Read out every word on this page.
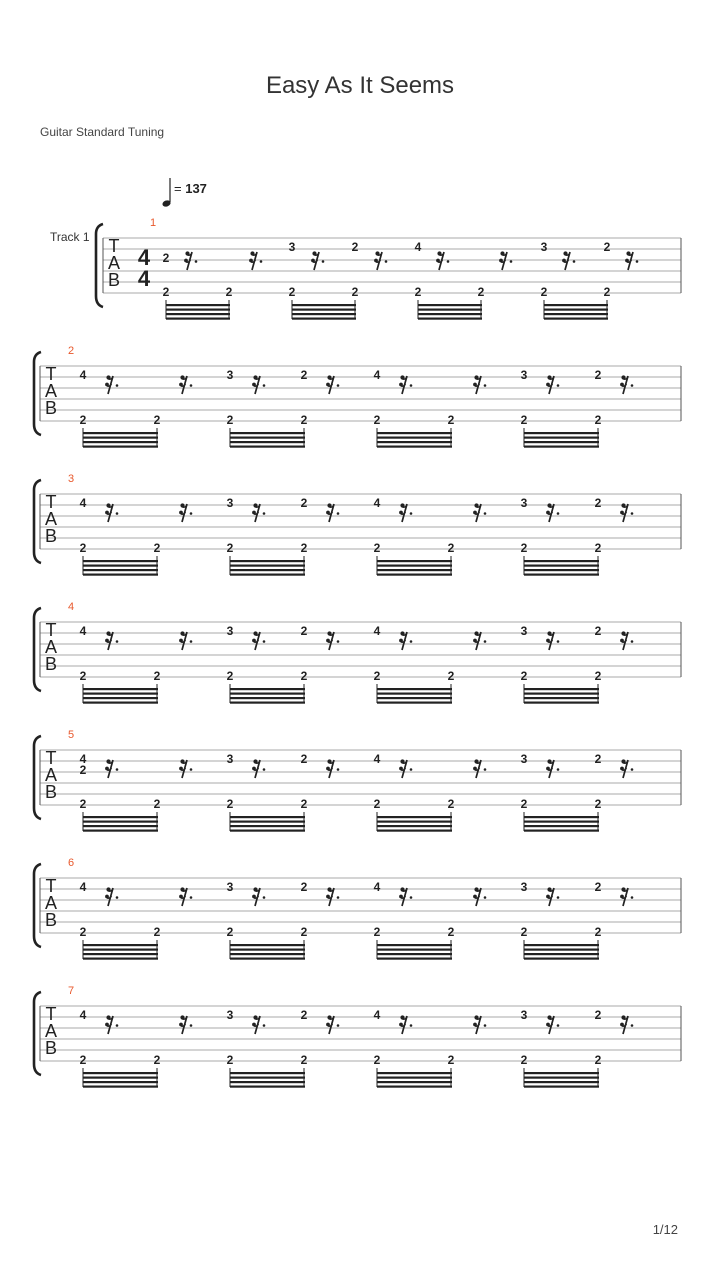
Easy As It Seems
Guitar Standard Tuning
= 137
Track 1 T
A
B
1
4
4
2
3	2	4	3	2
2	2	2	2	2	2	2	2
T
A
B
2
4	3	2	4	3	2
2	2	2	2	2	2	2	2
T
A
B
3
4	3	2	4	3	2
2	2	2	2	2	2	2	2
T
A
B
4
4	3	2	4	3	2
2	2	2	2	2	2	2	2
T
A
B
5
4	3	2	4	3	2
2
2	2	2	2	2	2	2	2
T
A
B
6
4	3	2	4	3	2
2	2	2	2	2	2	2	2
T
A
B
7
4	3	2	4	3	2
2	2	2	2	2	2	2	2
1/12
